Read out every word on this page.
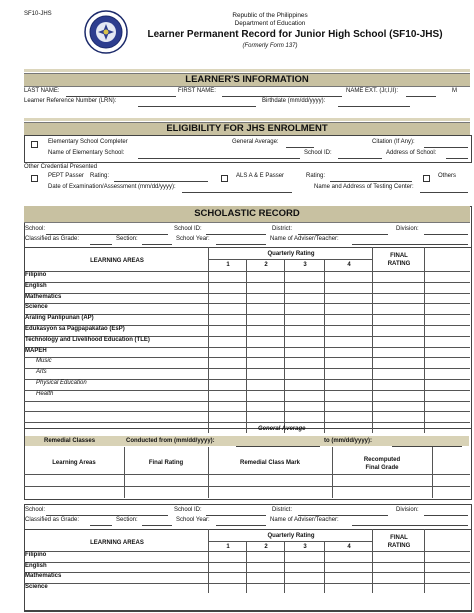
SF10-JHS	Republic of the Philippines
Department of Education
Learner Permanent Record for Junior High School (SF10-JHS)
(Formerly Form 137)
LEARNER'S INFORMATION
LAST NAME:	FIRST NAME:	NAME EXT. (Jr,I,II):	M
Learner Reference Number (LRN):	Birthdate (mm/dd/yyyy):
ELIGIBILITY FOR JHS ENROLMENT
Elementary School Completer	General Average:	Citation (If Any):
Name of Elementary School:	School ID:	Address of School:
Other Credential Presented
PEPT Passer Rating:	ALS A & E Passer	Rating:	Others
Date of Examination/Assessment (mm/dd/yyyy):	Name and Address of Testing Center:
SCHOLASTIC RECORD
School:	School ID:	District:	Division:
Classified as Grade:	Section:	School Year:	Name of Adviser/Teacher:
LEARNING AREAS
Quarterly Rating
1	2	3	4
FINAL
RATING
Filipino
English
Mathematics
Science
Araling Panlipunan (AP)
Edukasyon sa Pagpapakatao (EsP)
Technology and Livelihood Education (TLE)
MAPEH
Music
Arts
Physical Education
Health
General Average
Remedial Classes	Conducted from (mm/dd/yyyy):	to (mm/dd/yyyy):
Learning Areas	Final Rating	Remedial Class Mark	Recomputed
Final Grade
School:	School ID:	District:	Division:
Classified as Grade:	Section:	School Year:	Name of Adviser/Teacher:
LEARNING AREAS
Quarterly Rating
1	2	3	4
FINAL
RATING
Filipino
English
Mathematics
Science
